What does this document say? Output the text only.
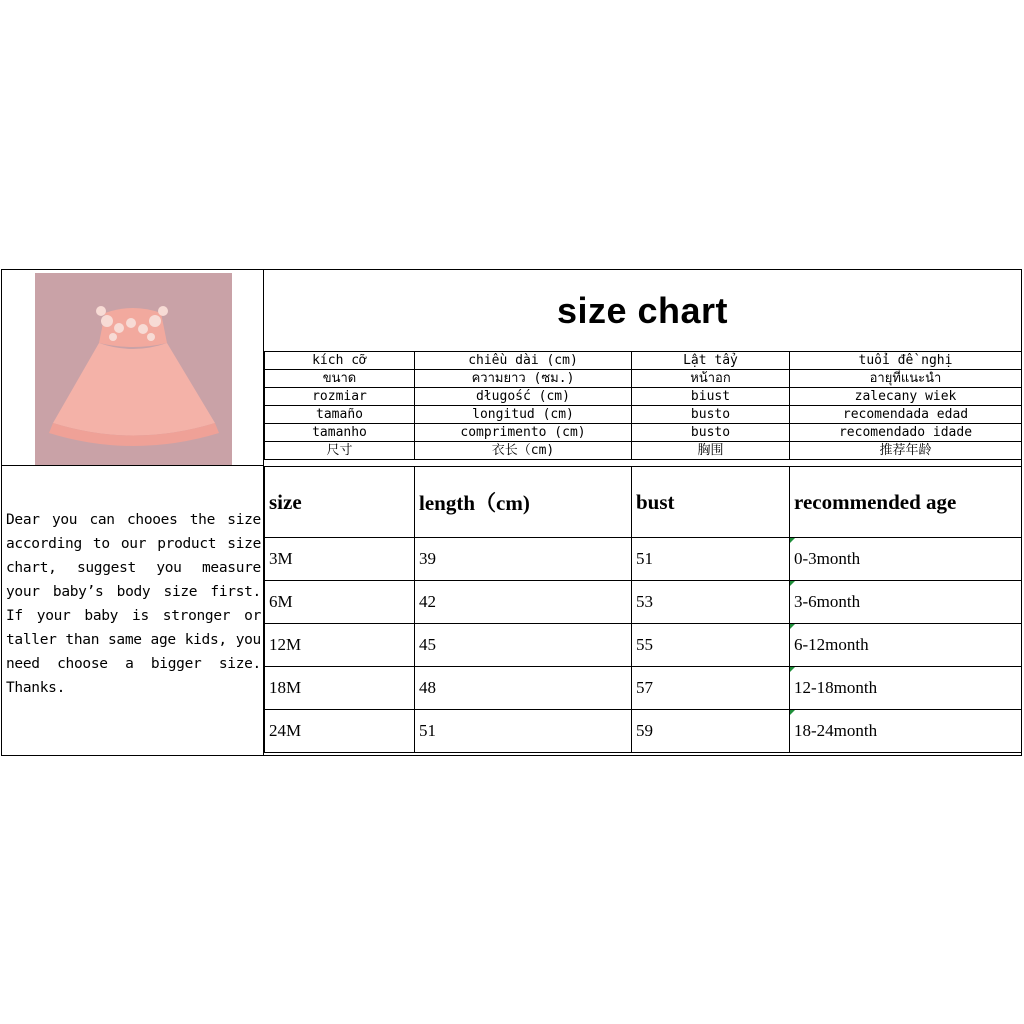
size chart
kích cỡ	chiều dài (cm)	Lật tẩy	tuổi đề nghị
ขนาด	ความยาว (ซม.)	หน้าอก	อายุที่แนะนำ
rozmiar	długość (cm)	biust	zalecany wiek
tamaño	longitud (cm)	busto	recomendada edad
tamanho	comprimento (cm)	busto	recomendado idade
尺寸	衣长（cm)	胸围	推荐年龄
Dear you can chooes the size according to our product size chart, suggest you measure your baby’s body size first. If your baby is stronger or taller than same age kids, you need choose a bigger size. Thanks.
size	length（cm)	bust	recommended age
3M	39	51	0-3month

6M	42	53	3-6month

12M	45	55	6-12month

18M	48	57	12-18month

24M	51	59	18-24month
